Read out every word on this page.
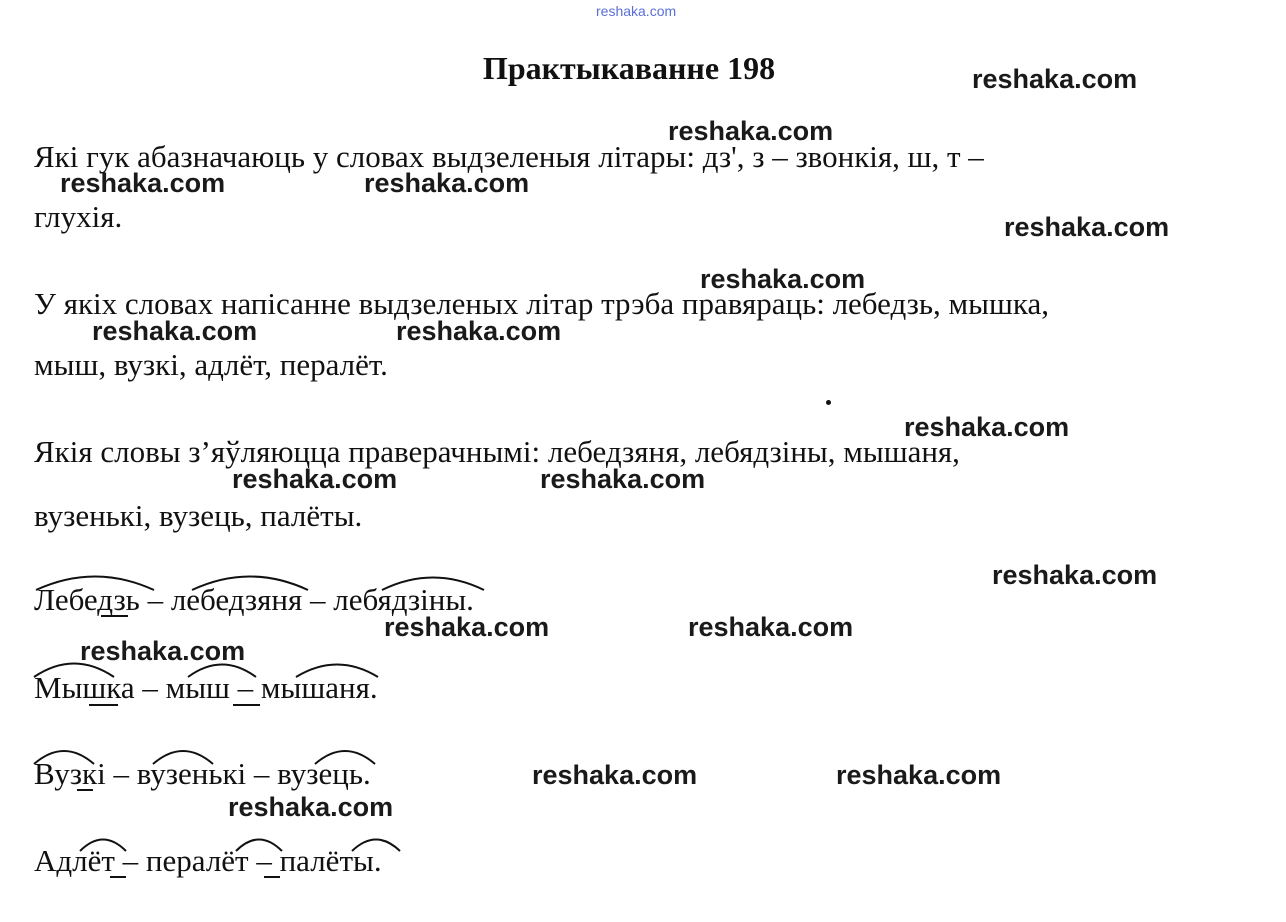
reshaka.com
Практыкаванне 198

Які гук абазначаюць у словах выдзеленыя літары: дз', з – звонкія, ш, т –

глухія.

У якіх словах напісанне выдзеленых літар трэба правяраць: лебедзь, мышка,

мыш, вузкі, адлёт, пералёт.

Якія словы з’яўляюцца праверачнымі: лебедзяня, лебядзіны, мышаня,

вузенькі, вузець, палёты.

Лебедзь – лебедзяня – лебядзіны.

Мышка – мыш – мышаня.

Вузкі – вузенькі – вузець.

Адлёт – пералёт – палёты.

reshaka.com
reshaka.com
reshaka.com	reshaka.com
reshaka.com
reshaka.com
reshaka.com	reshaka.com
reshaka.com
reshaka.com	reshaka.com
reshaka.com
reshaka.com	reshaka.com
reshaka.com
reshaka.com	reshaka.com
reshaka.com
